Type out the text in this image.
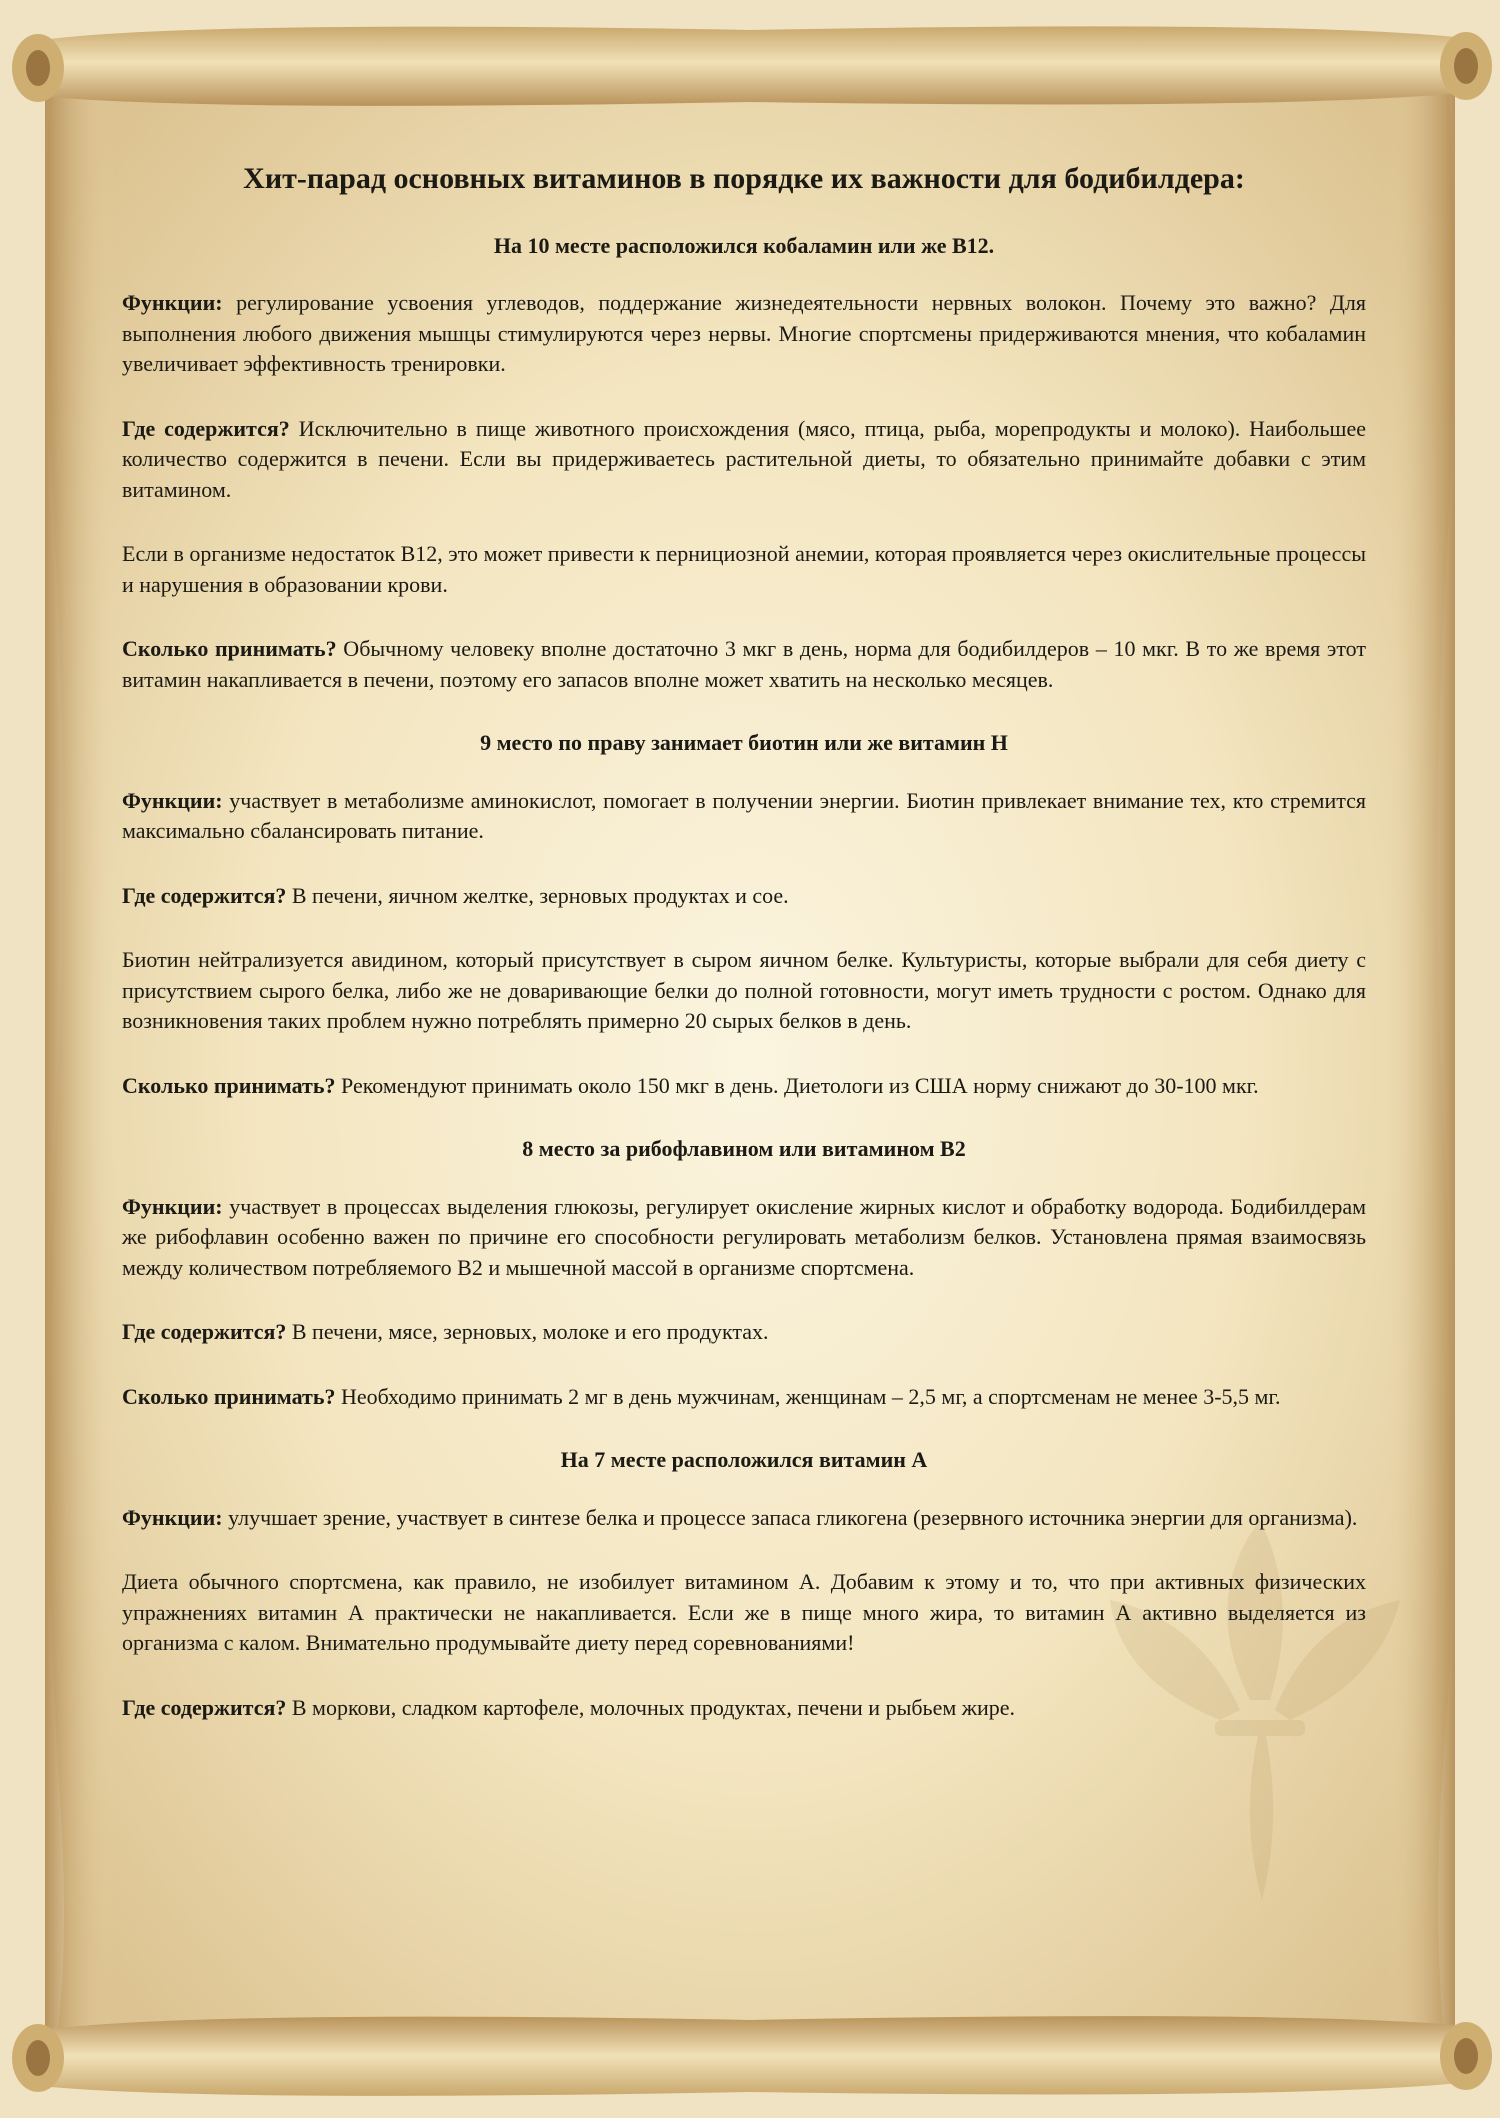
Хит-парад основных витаминов в порядке их важности для бодибилдера:
На 10 месте расположился кобаламин или же B12.

Функции: регулирование усвоения углеводов, поддержание жизнедеятельности нервных волокон. Почему это важно? Для выполнения любого движения мышцы стимулируются через нервы. Многие спортсмены придерживаются мнения, что кобаламин увеличивает эффективность тренировки.

Где содержится? Исключительно в пище животного происхождения (мясо, птица, рыба, морепродукты и молоко). Наибольшее количество содержится в печени. Если вы придерживаетесь растительной диеты, то обязательно принимайте добавки с этим витамином.

Если в организме недостаток B12, это может привести к пернициозной анемии, которая проявляется через окислительные процессы и нарушения в образовании крови.

Сколько принимать? Обычному человеку вполне достаточно 3 мкг в день, норма для бодибилдеров – 10 мкг. В то же время этот витамин накапливается в печени, поэтому его запасов вполне может хватить на несколько месяцев.

9 место по праву занимает биотин или же витамин H

Функции: участвует в метаболизме аминокислот, помогает в получении энергии. Биотин привлекает внимание тех, кто стремится максимально сбалансировать питание.

Где содержится? В печени, яичном желтке, зерновых продуктах и сое.

Биотин нейтрализуется авидином, который присутствует в сыром яичном белке. Культуристы, которые выбрали для себя диету с присутствием сырого белка, либо же не доваривающие белки до полной готовности, могут иметь трудности с ростом. Однако для возникновения таких проблем нужно потреблять примерно 20 сырых белков в день.

Сколько принимать? Рекомендуют принимать около 150 мкг в день. Диетологи из США норму снижают до 30-100 мкг.

8 место за рибофлавином или витамином B2

Функции: участвует в процессах выделения глюкозы, регулирует окисление жирных кислот и обработку водорода. Бодибилдерам же рибофлавин особенно важен по причине его способности регулировать метаболизм белков. Установлена прямая взаимосвязь между количеством потребляемого B2 и мышечной массой в организме спортсмена.

Где содержится? В печени, мясе, зерновых, молоке и его продуктах.

Сколько принимать? Необходимо принимать 2 мг в день мужчинам, женщинам – 2,5 мг, а спортсменам не менее 3-5,5 мг.

На 7 месте расположился витамин A

Функции: улучшает зрение, участвует в синтезе белка и процессе запаса гликогена (резервного источника энергии для организма).

Диета обычного спортсмена, как правило, не изобилует витамином А. Добавим к этому и то, что при активных физических упражнениях витамин А практически не накапливается. Если же в пище много жира, то витамин А активно выделяется из организма с калом. Внимательно продумывайте диету перед соревнованиями!

Где содержится? В моркови, сладком картофеле, молочных продуктах, печени и рыбьем жире.
